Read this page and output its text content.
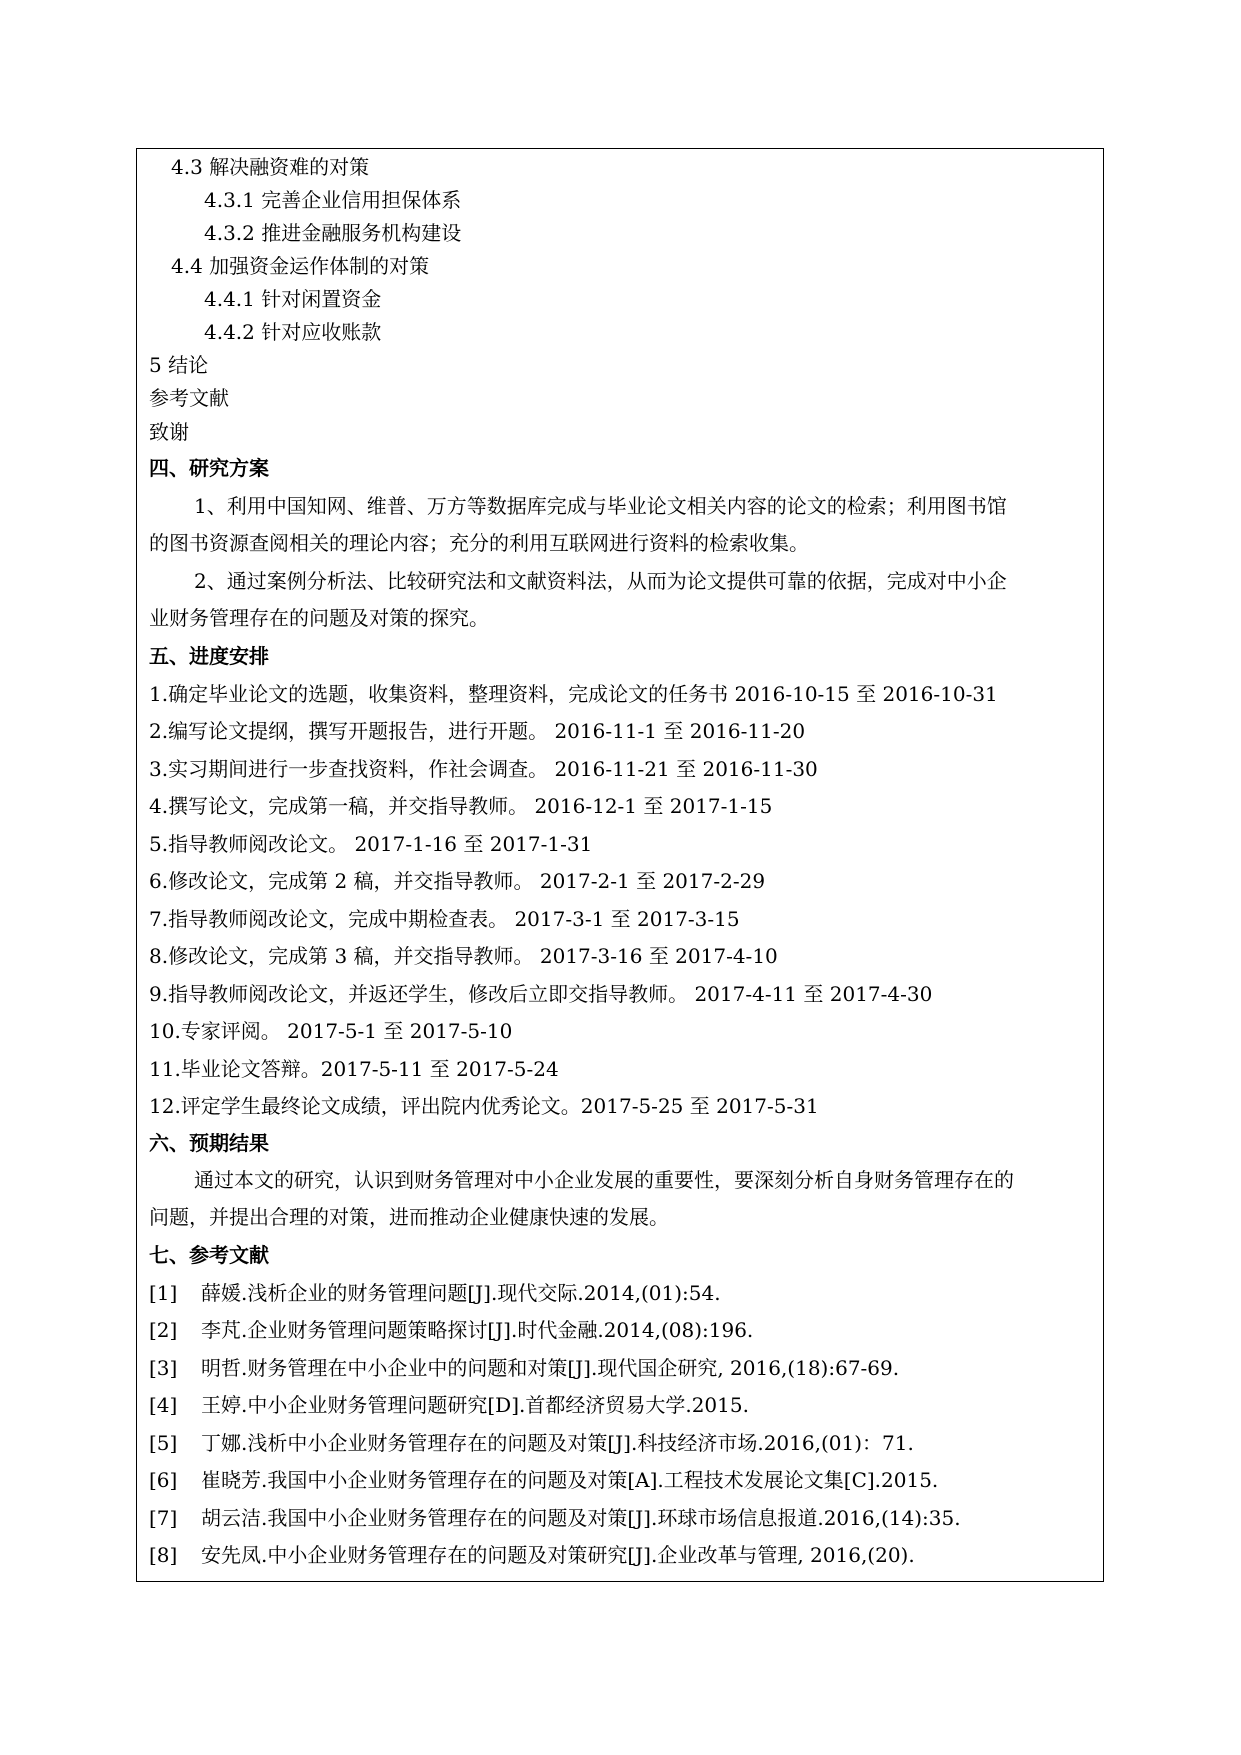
4.3 解决融资难的对策

4.3.1 完善企业信用担保体系

4.3.2 推进金融服务机构建设

4.4 加强资金运作体制的对策

4.4.1 针对闲置资金

4.4.2 针对应收账款

5 结论

参考文献

致谢

四、研究方案

1、利用中国知网、维普、万方等数据库完成与毕业论文相关内容的论文的检索；利用图书馆

的图书资源查阅相关的理论内容；充分的利用互联网进行资料的检索收集。

2、通过案例分析法、比较研究法和文献资料法，从而为论文提供可靠的依据，完成对中小企

业财务管理存在的问题及对策的探究。

五、进度安排

1.确定毕业论文的选题，收集资料，整理资料，完成论文的任务书 2016-10-15 至 2016-10-31

2.编写论文提纲，撰写开题报告，进行开题。 2016-11-1 至 2016-11-20

3.实习期间进行一步查找资料，作社会调查。 2016-11-21 至 2016-11-30

4.撰写论文，完成第一稿，并交指导教师。 2016-12-1 至 2017-1-15

5.指导教师阅改论文。 2017-1-16 至 2017-1-31

6.修改论文，完成第 2 稿，并交指导教师。 2017-2-1 至 2017-2-29

7.指导教师阅改论文，完成中期检查表。 2017-3-1 至 2017-3-15

8.修改论文，完成第 3 稿，并交指导教师。 2017-3-16 至 2017-4-10

9.指导教师阅改论文，并返还学生，修改后立即交指导教师。 2017-4-11 至 2017-4-30

10.专家评阅。 2017-5-1 至 2017-5-10

11.毕业论文答辩。2017-5-11 至 2017-5-24

12.评定学生最终论文成绩，评出院内优秀论文。2017-5-25 至 2017-5-31

六、预期结果

通过本文的研究，认识到财务管理对中小企业发展的重要性，要深刻分析自身财务管理存在的

问题，并提出合理的对策，进而推动企业健康快速的发展。

七、参考文献

[1] 薛媛.浅析企业的财务管理问题[J].现代交际.2014,(01):54.

[2] 李芃.企业财务管理问题策略探讨[J].时代金融.2014,(08):196.

[3] 明哲.财务管理在中小企业中的问题和对策[J].现代国企研究, 2016,(18):67-69.

[4] 王婷.中小企业财务管理问题研究[D].首都经济贸易大学.2015.

[5] 丁娜.浅析中小企业财务管理存在的问题及对策[J].科技经济市场.2016,(01)：71.

[6] 崔晓芳.我国中小企业财务管理存在的问题及对策[A].工程技术发展论文集[C].2015.

[7] 胡云洁.我国中小企业财务管理存在的问题及对策[J].环球市场信息报道.2016,(14):35.

[8] 安先凤.中小企业财务管理存在的问题及对策研究[J].企业改革与管理, 2016,(20).
